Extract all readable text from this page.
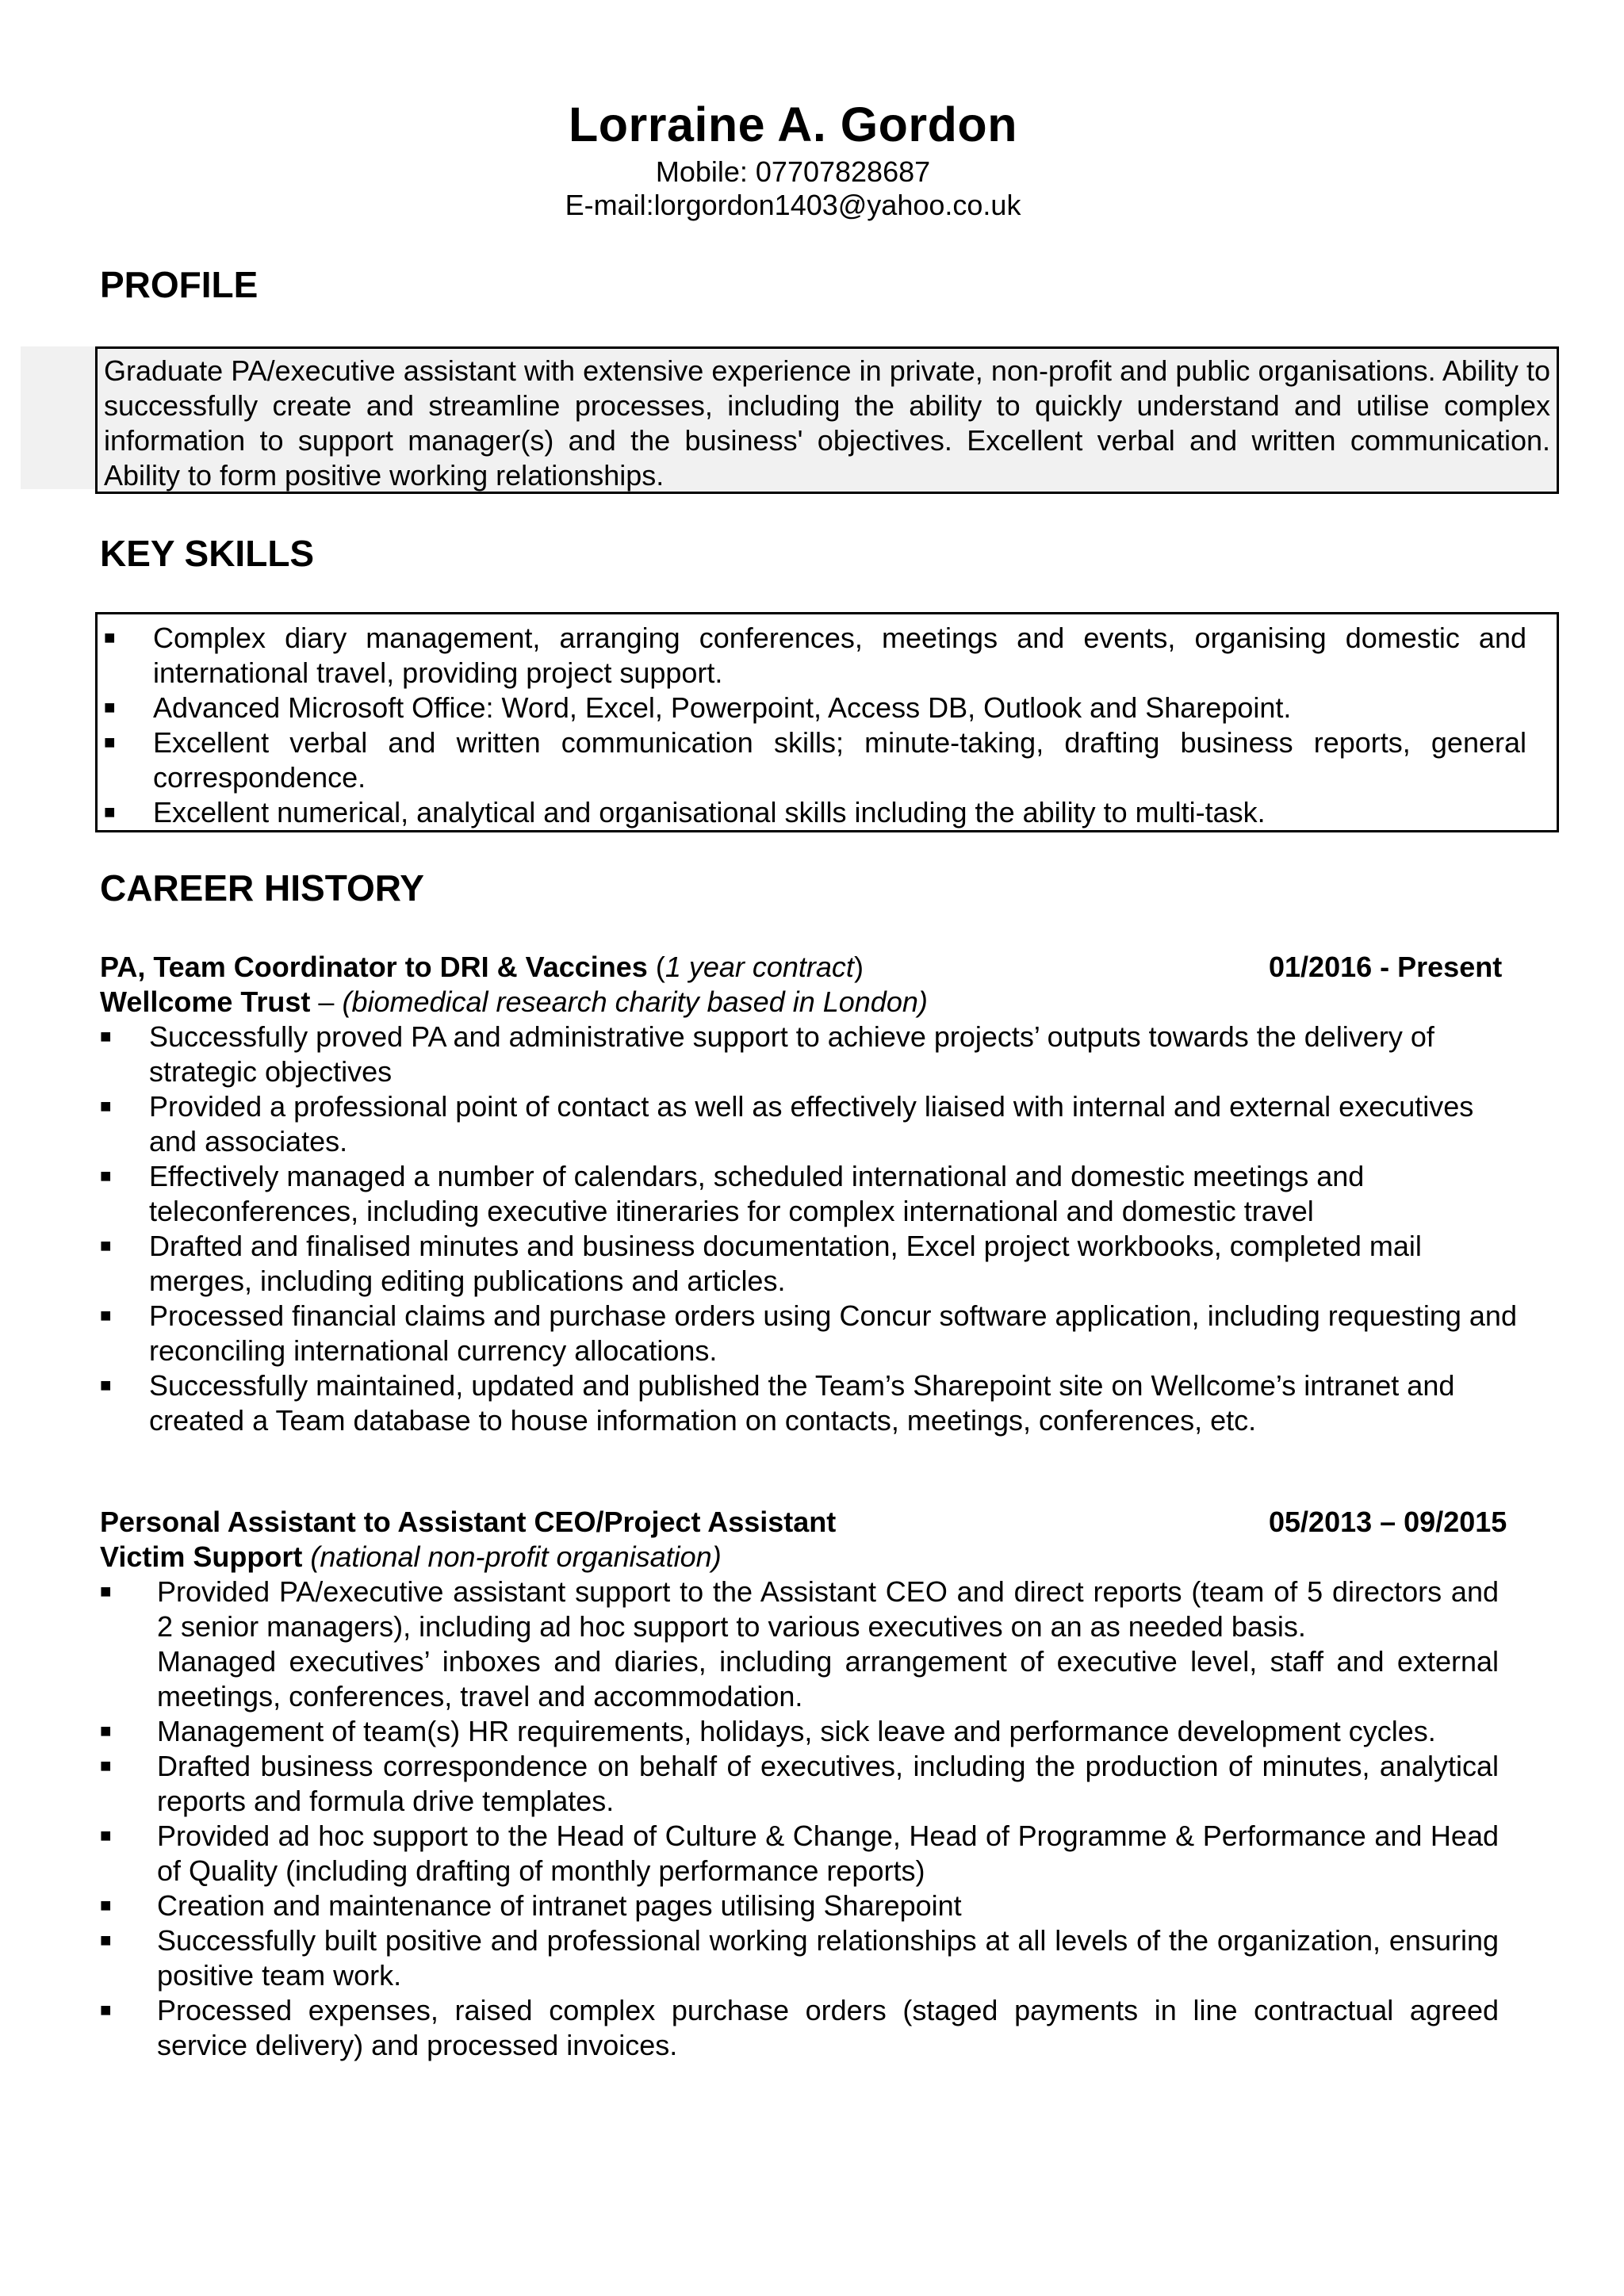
Lorraine A. Gordon
Mobile: 07707828687
E-mail:lorgordon1403@yahoo.co.uk
PROFILE
Graduate PA/executive assistant with extensive experience in private, non-profit and public organisations. Ability to successfully create and streamline processes, including the ability to quickly understand and utilise complex information to support manager(s) and the business' objectives. Excellent verbal and written communication. Ability to form positive working relationships.
KEY SKILLS
■	Complex diary management, arranging conferences, meetings and events, organising domestic and international travel, providing project support.
■	Advanced Microsoft Office: Word, Excel, Powerpoint, Access DB, Outlook and Sharepoint.
■	Excellent verbal and written communication skills; minute-taking, drafting business reports, general correspondence.
■	Excellent numerical, analytical and organisational skills including the ability to multi-task.
CAREER HISTORY
PA, Team Coordinator to DRI & Vaccines (1 year contract)	01/2016 - Present
Wellcome Trust – (biomedical research charity based in London)
■	Successfully proved PA and administrative support to achieve projects’ outputs towards the delivery of strategic objectives
■	Provided a professional point of contact as well as effectively liaised with internal and external executives and associates.
■	Effectively managed a number of calendars, scheduled international and domestic meetings and teleconferences, including executive itineraries for complex international and domestic travel
■	Drafted and finalised minutes and business documentation, Excel project workbooks, completed mail merges, including editing publications and articles.
■	Processed financial claims and purchase orders using Concur software application, including requesting and reconciling international currency allocations.
■	Successfully maintained, updated and published the Team’s Sharepoint site on Wellcome’s intranet and created a Team database to house information on contacts, meetings, conferences, etc.
Personal Assistant to Assistant CEO/Project Assistant	05/2013 – 09/2015
Victim Support (national non-profit organisation)
■	Provided PA/executive assistant support to the Assistant CEO and direct reports (team of 5 directors and 2 senior managers), including ad hoc support to various executives on an as needed basis.
Managed executives’ inboxes and diaries, including arrangement of executive level, staff and external meetings, conferences, travel and accommodation.
■	Management of team(s) HR requirements, holidays, sick leave and performance development cycles.
■	Drafted business correspondence on behalf of executives, including the production of minutes, analytical reports and formula drive templates.
■	Provided ad hoc support to the Head of Culture & Change, Head of Programme & Performance and Head of Quality (including drafting of monthly performance reports)
■	Creation and maintenance of intranet pages utilising Sharepoint
■	Successfully built positive and professional working relationships at all levels of the organization, ensuring positive team work.
■	Processed expenses, raised complex purchase orders (staged payments in line contractual agreed service delivery) and processed invoices.
